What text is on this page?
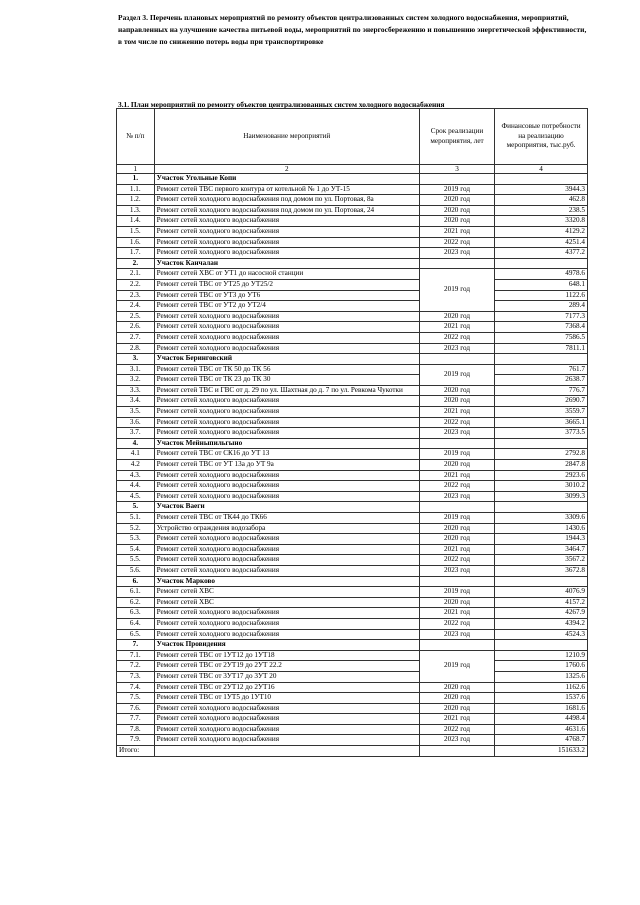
Раздел 3. Перечень плановых мероприятий по ремонту объектов централизованных систем холодного водоснабжения, мероприятий, направленных на улучшение качества питьевой воды, мероприятий по энергосбережению и повышению энергетической эффективности, в том числе по снижению потерь воды при транспортировке
3.1. План мероприятий по ремонту объектов централизованных систем холодного водоснабжения
№ п/п	Наименование мероприятий	Срок реализации мероприятия, лет	Финансовые потребности на реализацию мероприятия, тыс.руб.
1	2	3	4
1.	Участок Угольные Копи		
1.1.	Ремонт сетей ТВС первого контура от котельной № 1 до УТ-15	2019 год	3944.3
1.2.	Ремонт сетей холодного водоснабжения под домом по ул. Портовая, 8а	2020 год	462.8
1.3.	Ремонт сетей холодного водоснабжения под домом по ул. Портовая, 24	2020 год	238.5
1.4.	Ремонт сетей холодного водоснабжения	2020 год	3320.8
1.5.	Ремонт сетей холодного водоснабжения	2021 год	4129.2
1.6.	Ремонт сетей холодного водоснабжения	2022 год	4251.4
1.7.	Ремонт сетей холодного водоснабжения	2023 год	4377.2
2.	Участок Канчалан		
2.1.	Ремонт сетей ХВС от УТ1 до насосной станции	2019 год	4978.6
2.2.	Ремонт сетей ТВС от УТ25 до УТ25/2		648.1
2.3.	Ремонт сетей ТВС от УТ3 до УТ6		1122.6
2.4.	Ремонт сетей ТВС от УТ2 до УТ2/4		289.4
2.5.	Ремонт сетей холодного водоснабжения	2020 год	7177.3
2.6.	Ремонт сетей холодного водоснабжения	2021 год	7368.4
2.7.	Ремонт сетей холодного водоснабжения	2022 год	7586.5
2.8.	Ремонт сетей холодного водоснабжения	2023 год	7811.1
3.	Участок Беринговский		
3.1.	Ремонт сетей ТВС от ТК 50 до ТК 56	2019 год	761.7
3.2.	Ремонт сетей ТВС от ТК 23 до ТК 30		2638.7
3.3.	Ремонт сетей ТВС и ГВС от д. 29 по ул. Шахтная до д. 7 по ул. Ревкома Чукотки	2020 год	776.7
3.4.	Ремонт сетей холодного водоснабжения	2020 год	2690.7
3.5.	Ремонт сетей холодного водоснабжения	2021 год	3559.7
3.6.	Ремонт сетей холодного водоснабжения	2022 год	3665.1
3.7.	Ремонт сетей холодного водоснабжения	2023 год	3773.5
4.	Участок Мейныпильгыно		
4.1	Ремонт сетей ТВС от СК16 до УТ 13	2019 год	2792.8
4.2	Ремонт сетей ТВС от УТ 13а до УТ 9а	2020 год	2847.8
4.3.	Ремонт сетей холодного водоснабжения	2021 год	2923.6
4.4.	Ремонт сетей холодного водоснабжения	2022 год	3010.2
4.5.	Ремонт сетей холодного водоснабжения	2023 год	3099.3
5.	Участок Ваеги		
5.1.	Ремонт сетей ТВС от ТК44 до ТК66	2019 год	3309.6
5.2.	Устройство ограждения водозабора	2020 год	1430.6
5.3.	Ремонт сетей холодного водоснабжения	2020 год	1944.3
5.4.	Ремонт сетей холодного водоснабжения	2021 год	3464.7
5.5.	Ремонт сетей холодного водоснабжения	2022 год	3567.2
5.6.	Ремонт сетей холодного водоснабжения	2023 год	3672.8
6.	Участок Марково		
6.1.	Ремонт сетей ХВС	2019 год	4076.9
6.2.	Ремонт сетей ХВС	2020 год	4157.2
6.3.	Ремонт сетей холодного водоснабжения	2021 год	4267.9
6.4.	Ремонт сетей холодного водоснабжения	2022 год	4394.2
6.5.	Ремонт сетей холодного водоснабжения	2023 год	4524.3
7.	Участок Провидения		
7.1.	Ремонт сетей ТВС от 1УТ12 до 1УТ18	2019 год	1210.9
7.2.	Ремонт сетей ТВС от 2УТ19 до 2УТ 22.2		1760.6
7.3.	Ремонт сетей ТВС от 3УТ17 до 3УТ 20		1325.6
7.4.	Ремонт сетей ТВС от 2УТ12 до 2УТ16	2020 год	1162.6
7.5.	Ремонт сетей ТВС от 1УТ5 до 1УТ10	2020 год	1537.6
7.6.	Ремонт сетей холодного водоснабжения	2020 год	1681.6
7.7.	Ремонт сетей холодного водоснабжения	2021 год	4498.4
7.8.	Ремонт сетей холодного водоснабжения	2022 год	4631.6
7.9.	Ремонт сетей холодного водоснабжения	2023 год	4768.7
Итого:			151633.2
